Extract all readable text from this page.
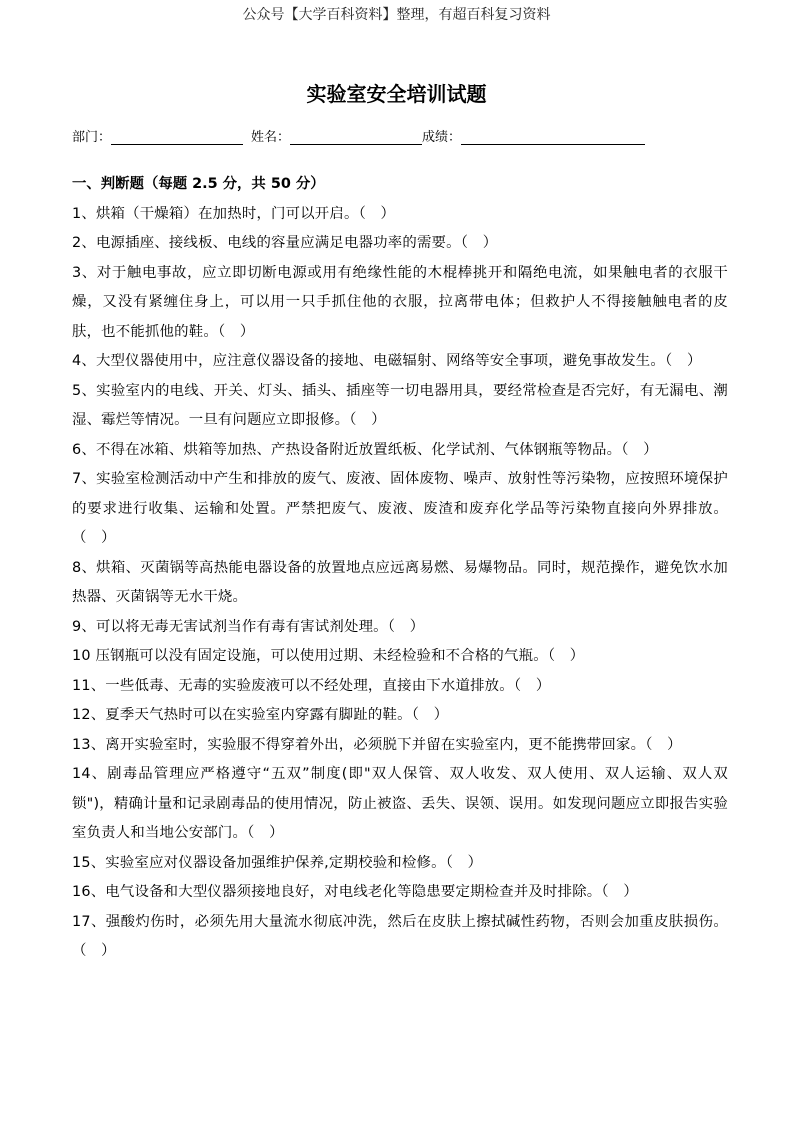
公众号【大学百科资料】整理，有超百科复习资料
实验室安全培训试题
部门：	姓名：	成绩：

一、判断题（每题 2.5 分，共 50 分）

1、烘箱（干燥箱）在加热时，门可以开启。（　）

2、电源插座、接线板、电线的容量应满足电器功率的需要。（　）

3、对于触电事故，应立即切断电源或用有绝缘性能的木棍棒挑开和隔绝电流，如果触电者的衣服干燥，又没有紧缠住身上，可以用一只手抓住他的衣服，拉离带电体；但救护人不得接触触电者的皮肤，也不能抓他的鞋。（　）

4、大型仪器使用中，应注意仪器设备的接地、电磁辐射、网络等安全事项，避免事故发生。（　）

5、实验室内的电线、开关、灯头、插头、插座等一切电器用具，要经常检查是否完好，有无漏电、潮湿、霉烂等情况。一旦有问题应立即报修。（　）

6、不得在冰箱、烘箱等加热、产热设备附近放置纸板、化学试剂、气体钢瓶等物品。（　）

7、实验室检测活动中产生和排放的废气、废液、固体废物、噪声、放射性等污染物，应按照环境保护的要求进行收集、运输和处置。严禁把废气、废液、废渣和废弃化学品等污染物直接向外界排放。（　）

8、烘箱、灭菌锅等高热能电器设备的放置地点应远离易燃、易爆物品。同时，规范操作，避免饮水加热器、灭菌锅等无水干烧。

9、可以将无毒无害试剂当作有毒有害试剂处理。（　）

10 压钢瓶可以没有固定设施，可以使用过期、未经检验和不合格的气瓶。（　）

11、一些低毒、无毒的实验废液可以不经处理，直接由下水道排放。（　）

12、夏季天气热时可以在实验室内穿露有脚趾的鞋。（　）

13、离开实验室时，实验服不得穿着外出，必须脱下并留在实验室内，更不能携带回家。（　）

14、剧毒品管理应严格遵守“五双”制度(即"双人保管、双人收发、双人使用、双人运输、双人双锁")，精确计量和记录剧毒品的使用情况，防止被盗、丢失、误领、误用。如发现问题应立即报告实验室负责人和当地公安部门。（　）

15、实验室应对仪器设备加强维护保养,定期校验和检修。（　）

16、电气设备和大型仪器须接地良好，对电线老化等隐患要定期检查并及时排除。（　）

17、强酸灼伤时，必须先用大量流水彻底冲洗，然后在皮肤上擦拭碱性药物，否则会加重皮肤损伤。（　）
